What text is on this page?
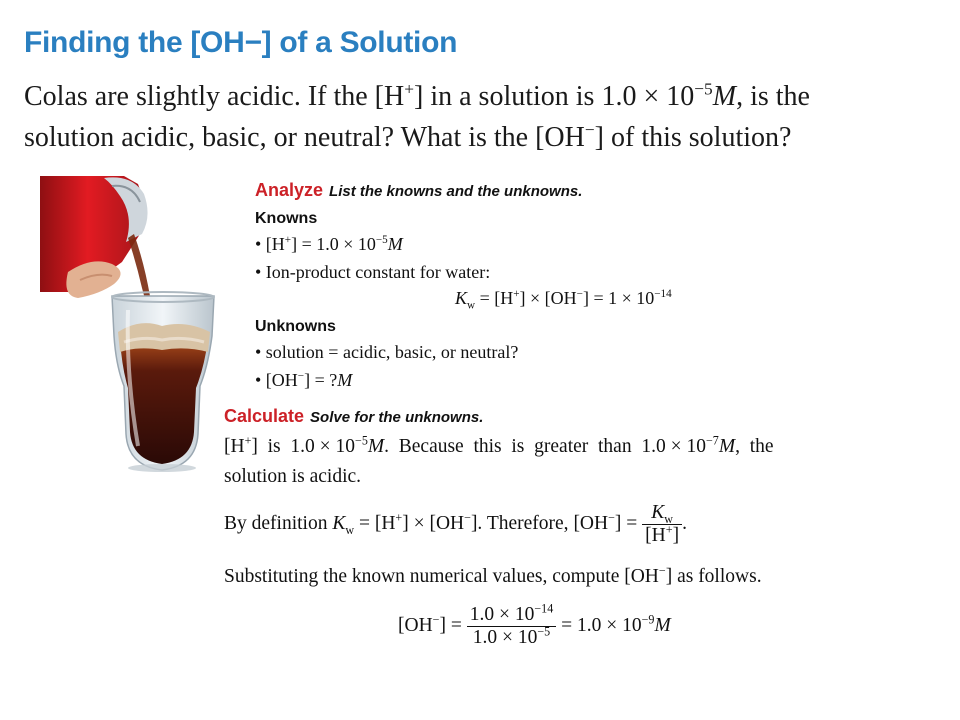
Finding the [OH−] of a Solution
Colas are slightly acidic. If the [H+] in a solution is $1.0 \times 10^{-5}M$, is the
solution acidic, basic, or neutral? What is the [OH−] of this solution?
Analyze List the knowns and the unknowns.
Knowns
• $[H^+] = 1.0 \times 10^{-5}M$
• Ion-product constant for water:
$K_w = [H^+] \times [OH^-] = 1 \times 10^{-14}$
Unknowns
• solution = acidic, basic, or neutral?
• [OH−] = ?M
Calculate Solve for the unknowns.
[H+]  is  $1.0 \times 10^{-5}M$.  Because  this  is  greater  than  $1.0 \times 10^{-7}M$,  the
solution is acidic.
By definition $K_w = [H^+] \times [OH^-]$. Therefore, $[OH^-] = \frac{K_w}{[H^+]}$ .
Substituting the known numerical values, compute [OH−] as follows.
$[OH^-] = \frac{1.0 \times 10^{-14}}{1.0 \times 10^{-5}} = 1.0 \times 10^{-9}M$
